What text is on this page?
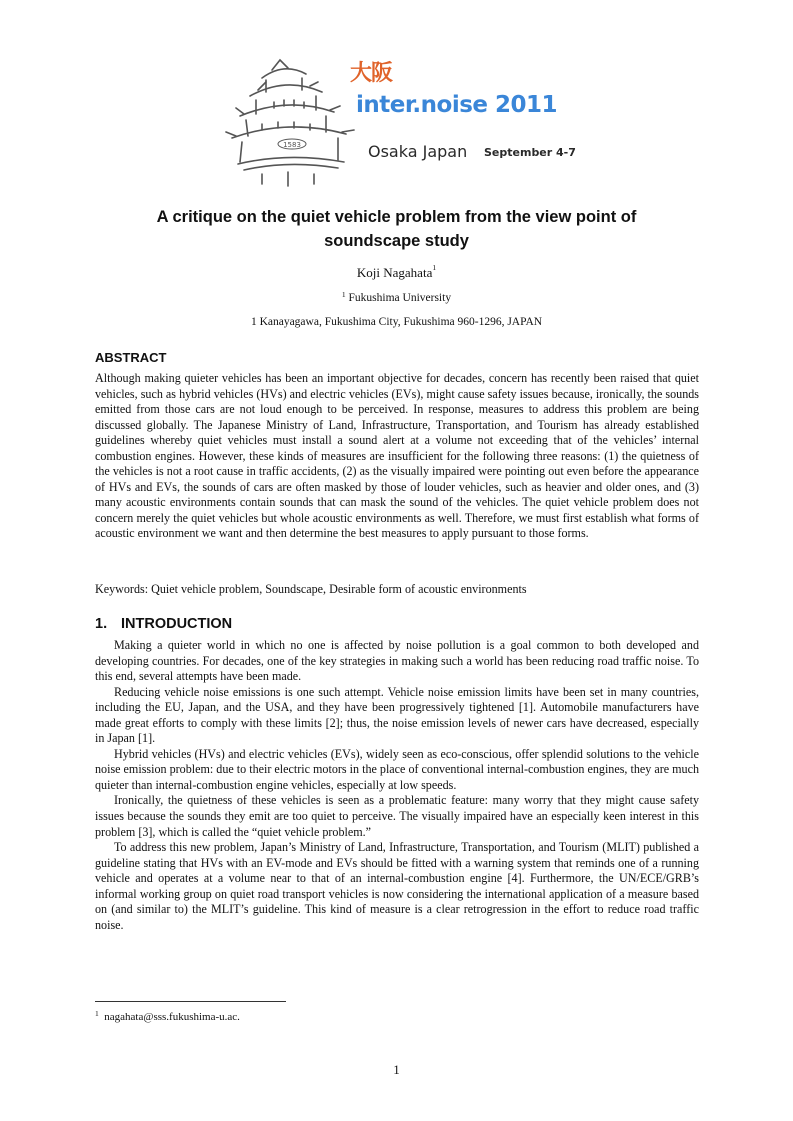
1583
大阪
inter.noise 2011
Osaka Japan September 4-7
A critique on the quiet vehicle problem from the view point of
soundscape study
Koji Nagahata$^1$
$^1$ Fukushima University
1 Kanayagawa, Fukushima City, Fukushima 960-1296, JAPAN
ABSTRACT
Although making quieter vehicles has been an important objective for decades, concern has recently been raised that quiet vehicles, such as hybrid vehicles (HVs) and electric vehicles (EVs), might cause safety issues because, ironically, the sounds emitted from those cars are not loud enough to be perceived. In response, measures to address this problem are being discussed globally. The Japanese Ministry of Land, Infrastructure, Transportation, and Tourism has already established guidelines whereby quiet vehicles must install a sound alert at a volume not exceeding that of the vehicles’ internal combustion engines. However, these kinds of measures are insufficient for the following three reasons: (1) the quietness of the vehicles is not a root cause in traffic accidents, (2) as the visually impaired were pointing out even before the appearance of HVs and EVs, the sounds of cars are often masked by those of louder vehicles, such as heavier and older ones, and (3) many acoustic environments contain sounds that can mask the sound of the vehicles. The quiet vehicle problem does not concern merely the quiet vehicles but whole acoustic environments as well. Therefore, we must first establish what forms of acoustic environment we want and then determine the best measures to apply pursuant to those forms.
Keywords: Quiet vehicle problem, Soundscape, Desirable form of acoustic environments
1. INTRODUCTION

Making a quieter world in which no one is affected by noise pollution is a goal common to both developed and developing countries. For decades, one of the key strategies in making such a world has been reducing road traffic noise. To this end, several attempts have been made.

Reducing vehicle noise emissions is one such attempt. Vehicle noise emission limits have been set in many countries, including the EU, Japan, and the USA, and they have been progressively tightened [1]. Automobile manufacturers have made great efforts to comply with these limits [2]; thus, the noise emission levels of newer cars have decreased, especially in Japan [1].

Hybrid vehicles (HVs) and electric vehicles (EVs), widely seen as eco-conscious, offer splendid solutions to the vehicle noise emission problem: due to their electric motors in the place of conventional internal-combustion engines, they are much quieter than internal-combustion engine vehicles, especially at low speeds.

Ironically, the quietness of these vehicles is seen as a problematic feature: many worry that they might cause safety issues because the sounds they emit are too quiet to perceive. The visually impaired have an especially keen interest in this problem [3], which is called the “quiet vehicle problem.”

To address this new problem, Japan’s Ministry of Land, Infrastructure, Transportation, and Tourism (MLIT) published a guideline stating that HVs with an EV-mode and EVs should be fitted with a warning system that reminds one of a running vehicle and operates at a volume near to that of an internal-combustion engine [4]. Furthermore, the UN/ECE/GRB’s informal working group on quiet road transport vehicles is now considering the international application of a measure based on (and similar to) the MLIT’s guideline. This kind of measure is a clear retrogression in the effort to reduce road traffic noise.

$^1$ nagahata@sss.fukushima-u.ac.
1
